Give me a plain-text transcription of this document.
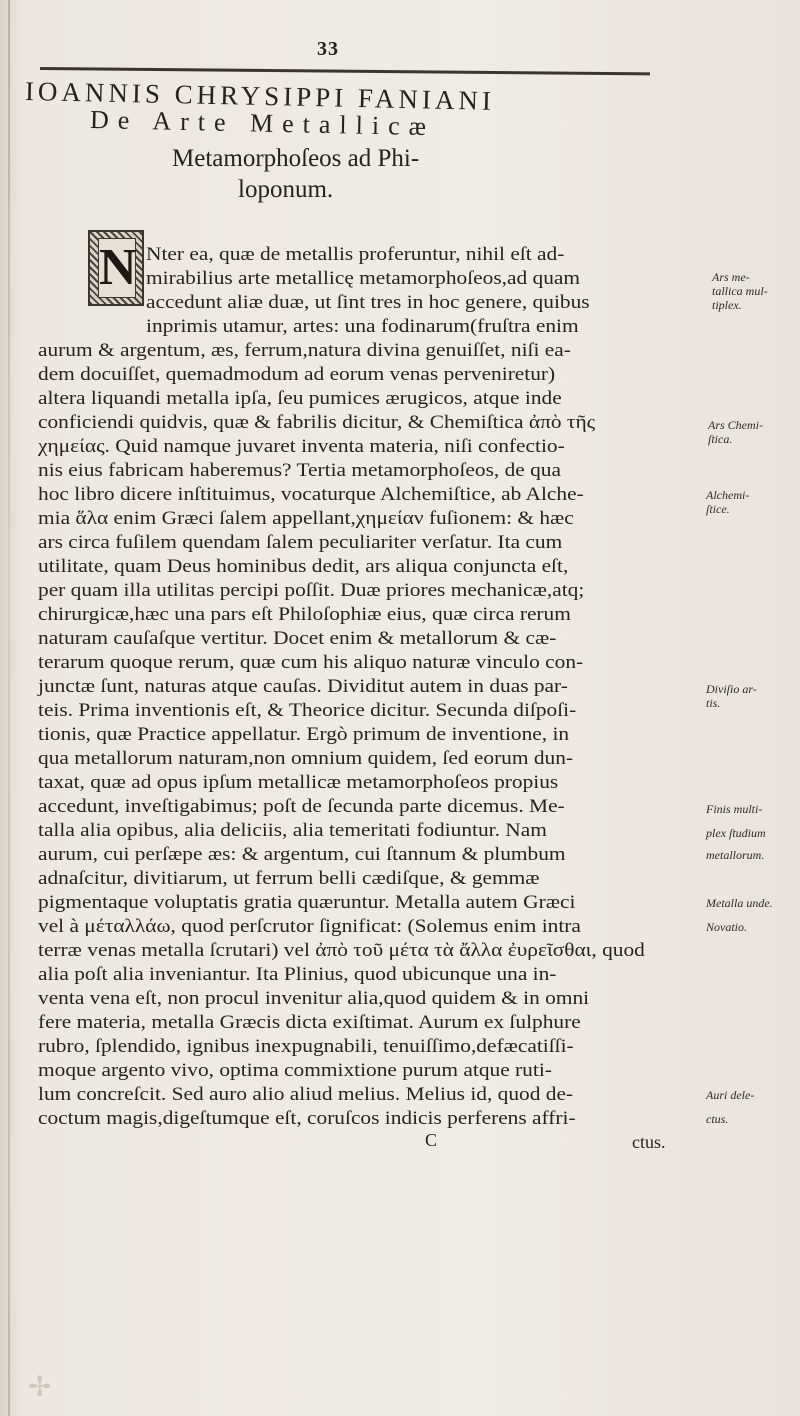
33
IOANNIS CHRYSIPPI FANIANI
De Arte Metallicæ
Metamorphoſeos ad Phi-
loponum.
N Nter ea, quæ de metallis proferuntur, nihil eſt ad-
mirabilius arte metallicę metamorphoſeos,ad quam
accedunt aliæ duæ, ut ſint tres in hoc genere, quibus
inprimis utamur, artes: una fodinarum(fruſtra enim
aurum & argentum, æs, ferrum,natura divina genuiſſet, niſi ea-
dem docuiſſet, quemadmodum ad eorum venas perveniretur)
altera liquandi metalla ipſa, ſeu pumices ærugicos, atque inde
conficiendi quidvis, quæ & fabrilis dicitur, & Chemiſtica ἀπὸ τῆς
χημείας. Quid namque juvaret inventa materia, niſi confectio-
nis eius fabricam haberemus? Tertia metamorphoſeos, de qua
hoc libro dicere inſtituimus, vocaturque Alchemiſtice, ab Alche-
mia ἅλα enim Græci ſalem appellant,χημείαν fuſionem: & hæc
ars circa fuſilem quendam ſalem peculiariter verſatur. Ita cum
utilitate, quam Deus hominibus dedit, ars aliqua conjuncta eſt,
per quam illa utilitas percipi poſſit. Duæ priores mechanicæ,atq;
chirurgicæ,hæc una pars eſt Philoſophiæ eius, quæ circa rerum
naturam cauſaſque vertitur. Docet enim & metallorum & cæ-
terarum quoque rerum, quæ cum his aliquo naturæ vinculo con-
junctæ ſunt, naturas atque cauſas. Dividitut autem in duas par-
teis. Prima inventionis eſt, & Theorice dicitur. Secunda diſpoſi-
tionis, quæ Practice appellatur. Ergò primum de inventione, in
qua metallorum naturam,non omnium quidem, ſed eorum dun-
taxat, quæ ad opus ipſum metallicæ metamorphoſeos propius
accedunt, inveſtigabimus; poſt de ſecunda parte dicemus. Me-
talla alia opibus, alia deliciis, alia temeritati fodiuntur. Nam
aurum, cui perſæpe æs: & argentum, cui ſtannum & plumbum
adnaſcitur, divitiarum, ut ferrum belli cædiſque, & gemmæ
pigmentaque voluptatis gratia quæruntur. Metalla autem Græci
vel à μέταλλάω, quod perſcrutor ſignificat: (Solemus enim intra
terræ venas metalla ſcrutari) vel ἀπὸ τοῦ μέτα τὰ ἄλλα ἐυρεῖσθαι, quod
alia poſt alia inveniantur. Ita Plinius, quod ubicunque una in-
venta vena eſt, non procul invenitur alia,quod quidem & in omni
fere materia, metalla Græcis dicta exiſtimat. Aurum ex ſulphure
rubro, ſplendido, ignibus inexpugnabili, tenuiſſimo,defæcatiſſi-
moque argento vivo, optima commixtione purum atque ruti-
lum concreſcit. Sed auro alio aliud melius. Melius id, quod de-
coctum magis,digeſtumque eſt, coruſcos indicis perferens affri-
Ars me-
tallica mul-
tiplex.
Ars Chemi-
ſtica.
Alchemi-
ſtice.
Diviſio ar-
tis.
Finis multi-
plex ſtudium
metallorum.
Metalla unde.
Novatio.
Auri dele-
ctus.
C	ctus.
✢
